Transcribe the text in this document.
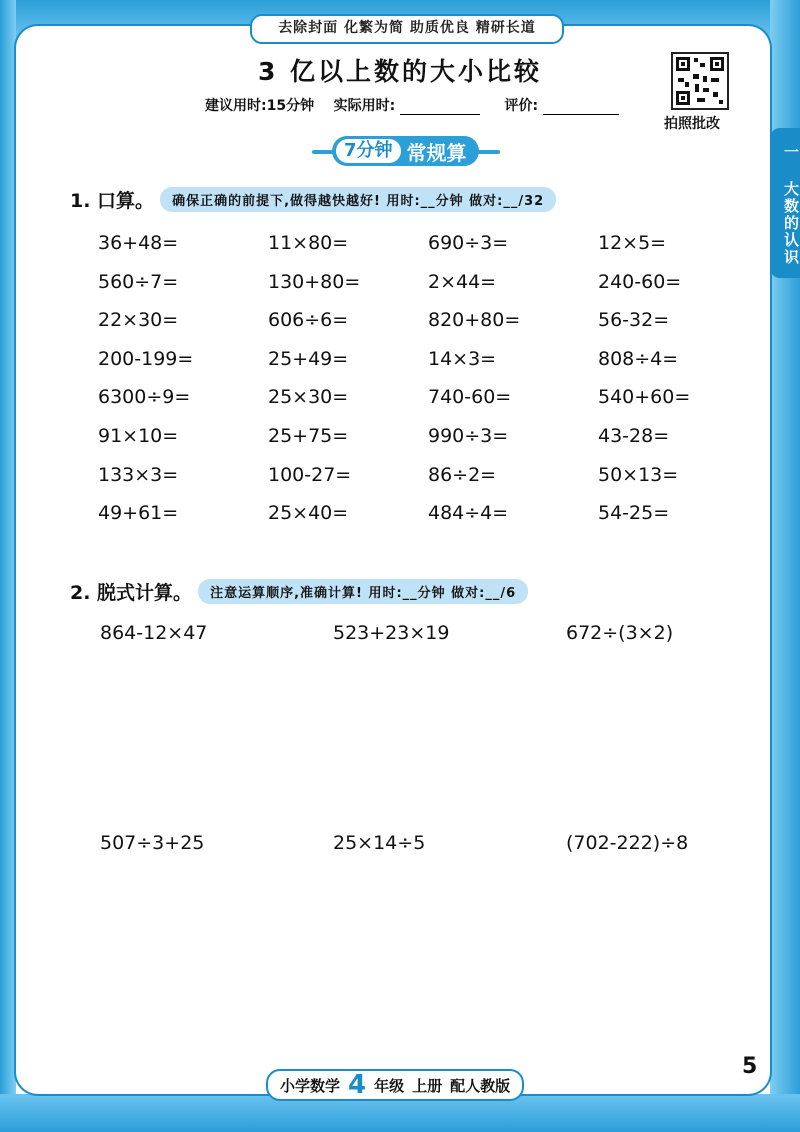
去除封面 化繁为简 助质优良 精研长道
3 亿以上数的大小比较
建议用时:15分钟 实际用时:	评价:
拍照批改
一 大数的认识
7分钟 常规算
1. 口算。	确保正确的前提下,做得越快越好! 用时:__分钟 做对:__/32
36+48=	11×80=	690÷3=	12×5=
560÷7=	130+80=	2×44=	240-60=
22×30=	606÷6=	820+80=	56-32=
200-199=	25+49=	14×3=	808÷4=
6300÷9=	25×30=	740-60=	540+60=
91×10=	25+75=	990÷3=	43-28=
133×3=	100-27=	86÷2=	50×13=
49+61=	25×40=	484÷4=	54-25=
2. 脱式计算。	注意运算顺序,准确计算! 用时:__分钟 做对:__/6
864-12×47	523+23×19	672÷(3×2)
507÷3+25	25×14÷5	(702-222)÷8
小学数学 4 年级 上册 配人教版
5
